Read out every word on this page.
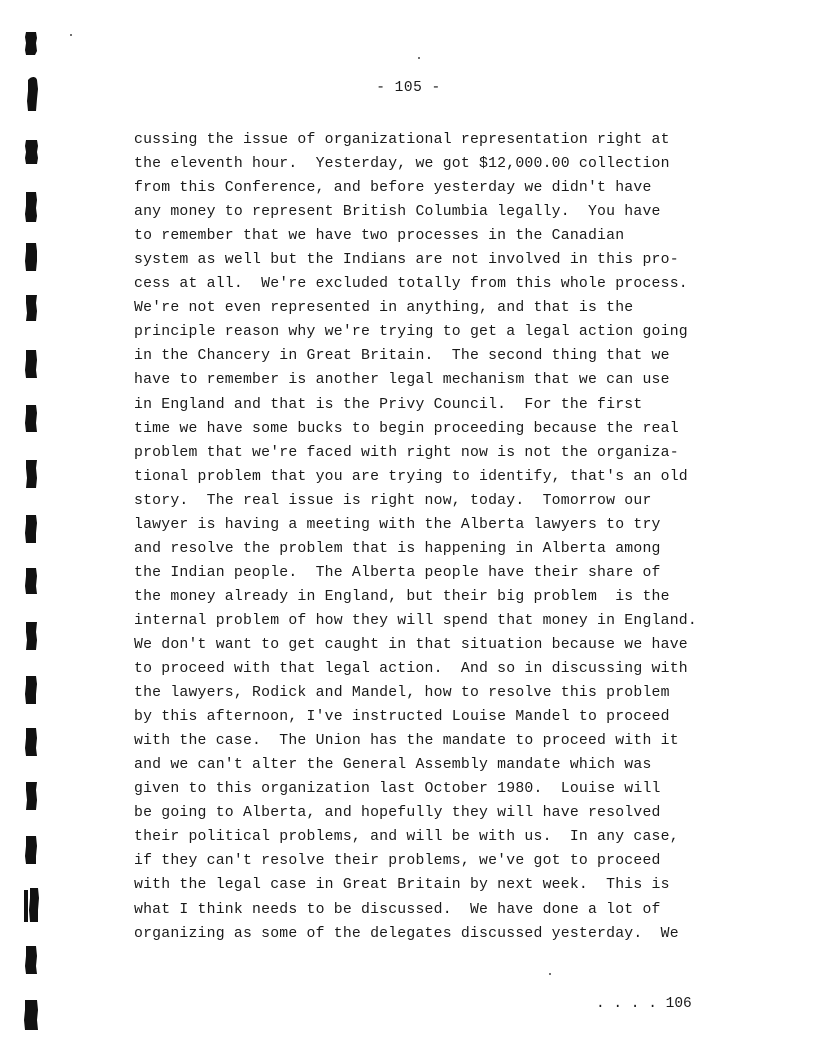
- 105 -
cussing the issue of organizational representation right at
the eleventh hour.  Yesterday, we got $12,000.00 collection
from this Conference, and before yesterday we didn't have
any money to represent British Columbia legally.  You have
to remember that we have two processes in the Canadian
system as well but the Indians are not involved in this pro-
cess at all.  We're excluded totally from this whole process.
We're not even represented in anything, and that is the
principle reason why we're trying to get a legal action going
in the Chancery in Great Britain.  The second thing that we
have to remember is another legal mechanism that we can use
in England and that is the Privy Council.  For the first
time we have some bucks to begin proceeding because the real
problem that we're faced with right now is not the organiza-
tional problem that you are trying to identify, that's an old
story.  The real issue is right now, today.  Tomorrow our
lawyer is having a meeting with the Alberta lawyers to try
and resolve the problem that is happening in Alberta among
the Indian people.  The Alberta people have their share of
the money already in England, but their big problem  is the
internal problem of how they will spend that money in England.
We don't want to get caught in that situation because we have
to proceed with that legal action.  And so in discussing with
the lawyers, Rodick and Mandel, how to resolve this problem
by this afternoon, I've instructed Louise Mandel to proceed
with the case.  The Union has the mandate to proceed with it
and we can't alter the General Assembly mandate which was
given to this organization last October 1980.  Louise will
be going to Alberta, and hopefully they will have resolved
their political problems, and will be with us.  In any case,
if they can't resolve their problems, we've got to proceed
with the legal case in Great Britain by next week.  This is
what I think needs to be discussed.  We have done a lot of
organizing as some of the delegates discussed yesterday.  We
. . . . 106
